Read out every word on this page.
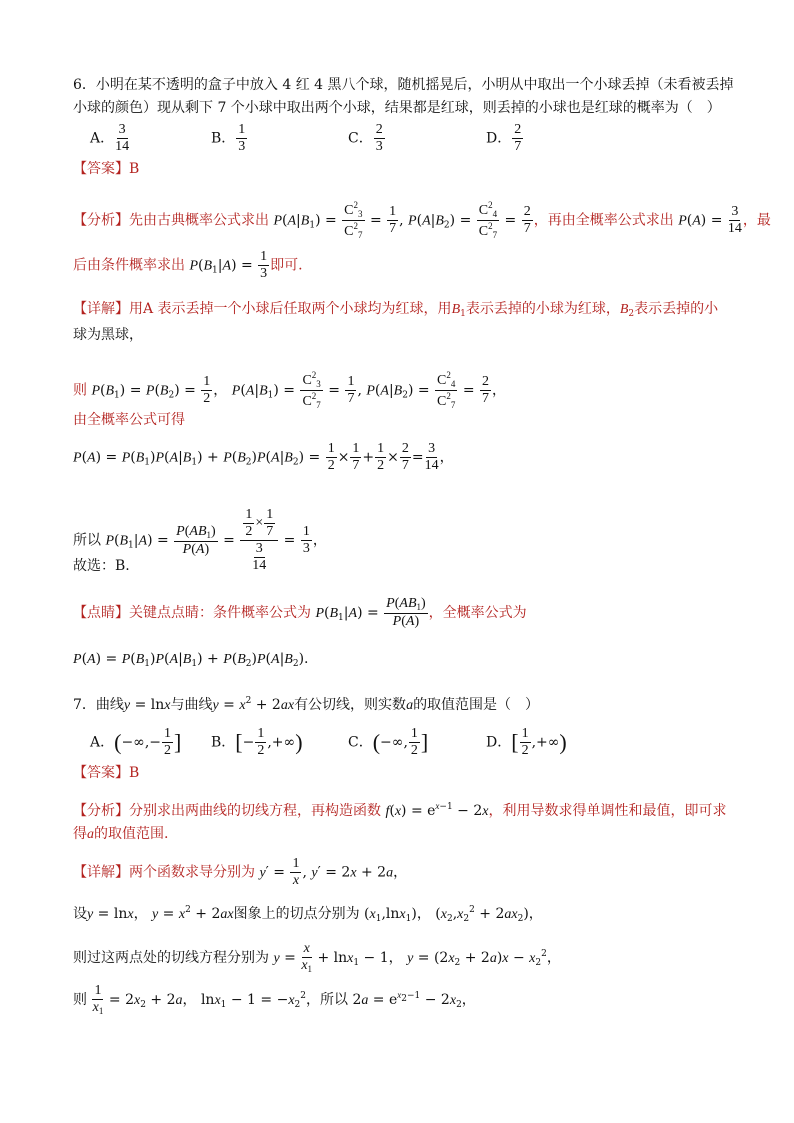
6．小明在某不透明的盒子中放入 4 红 4 黑八个球，随机摇晃后，小明从中取出一个小球丢掉（未看被丢掉
小球的颜色）现从剩下 7 个小球中取出两个小球，结果都是红球，则丢掉的小球也是红球的概率为（　）
A． $\frac{3}{14}$	B． $\frac{1}{3}$	C． $\frac{2}{3}$	D． $\frac{2}{7}$
【答案】B
【分析】先由古典概率公式求出 $P(A|B_1) = \frac{C^2_3}{C^2_7} = \frac{1}{7}$ , $P(A|B_2) = \frac{C^2_4}{C^2_7} = \frac{2}{7}$ ，再由全概率公式求出 $P(A) = \frac{3}{14}$ ，最
后由条件概率求出 $P(B_1|A) = \frac{1}{3}$ 即可.
【详解】用A 表示丢掉一个小球后任取两个小球均为红球，用$B_1$表示丢掉的小球为红球，$B_2$表示丢掉的小
球为黑球，
则 $P(B_1) = P(B_2) = \frac{1}{2}$ ， $P(A|B_1) = \frac{C^2_3}{C^2_7} = \frac{1}{7}$ , $P(A|B_2) = \frac{C^2_4}{C^2_7} = \frac{2}{7}$ ，
由全概率公式可得
$P(A) = P(B_1)P(A|B_1) + P(B_2)P(A|B_2) = \frac{1}{2} \times \frac{1}{7} + \frac{1}{2} \times \frac{2}{7} = \frac{3}{14}$ ，
所以 $P(B_1|A) = \frac{P(AB_1)}{P(A)} = \frac{\frac{1}{2} \times \frac{1}{7}}{\frac{3}{14}} = \frac{1}{3}$ ，
故选：B.
【点睛】关键点点睛：条件概率公式为 $P(B_1|A) = \frac{P(AB_1)}{P(A)}$ ，全概率公式为
$P(A) = P(B_1)P(A|B_1) + P(B_2)P(A|B_2)$.
7．曲线y = lnx与曲线$y = x^2 + 2ax$有公切线，则实数a的取值范围是（　）
A．(−∞,− $\frac{1}{2}$ ] B．[− $\frac{1}{2}$ ,+∞)	C．(−∞, $\frac{1}{2}$ ]	D．[ $\frac{1}{2}$ ,+∞)
【答案】B
【分析】分别求出两曲线的切线方程，再构造函数 $f(x) = e^{x-1} - 2x$，利用导数求得单调性和最值，即可求
得a的取值范围.
【详解】两个函数求导分别为 $y' = \frac{1}{x}$ , y′ = 2x + 2a，
设y = lnx， $y = x^2 + 2ax$图象上的切点分别为 $(x_1,\ln x_1)$， $(x_2,x_2^2 + 2ax_2)$，
则过这两点处的切线方程分别为 $y = \frac{x}{x_1} + \ln x_1 - 1$， $y = (2x_2 + 2a)x - x_2^2$，
则 $\frac{1}{x_1} = 2x_2 + 2a$， $\ln x_1 - 1 = -x_2^2$，所以 $2a = e^{x2-1} - 2x_2$，
